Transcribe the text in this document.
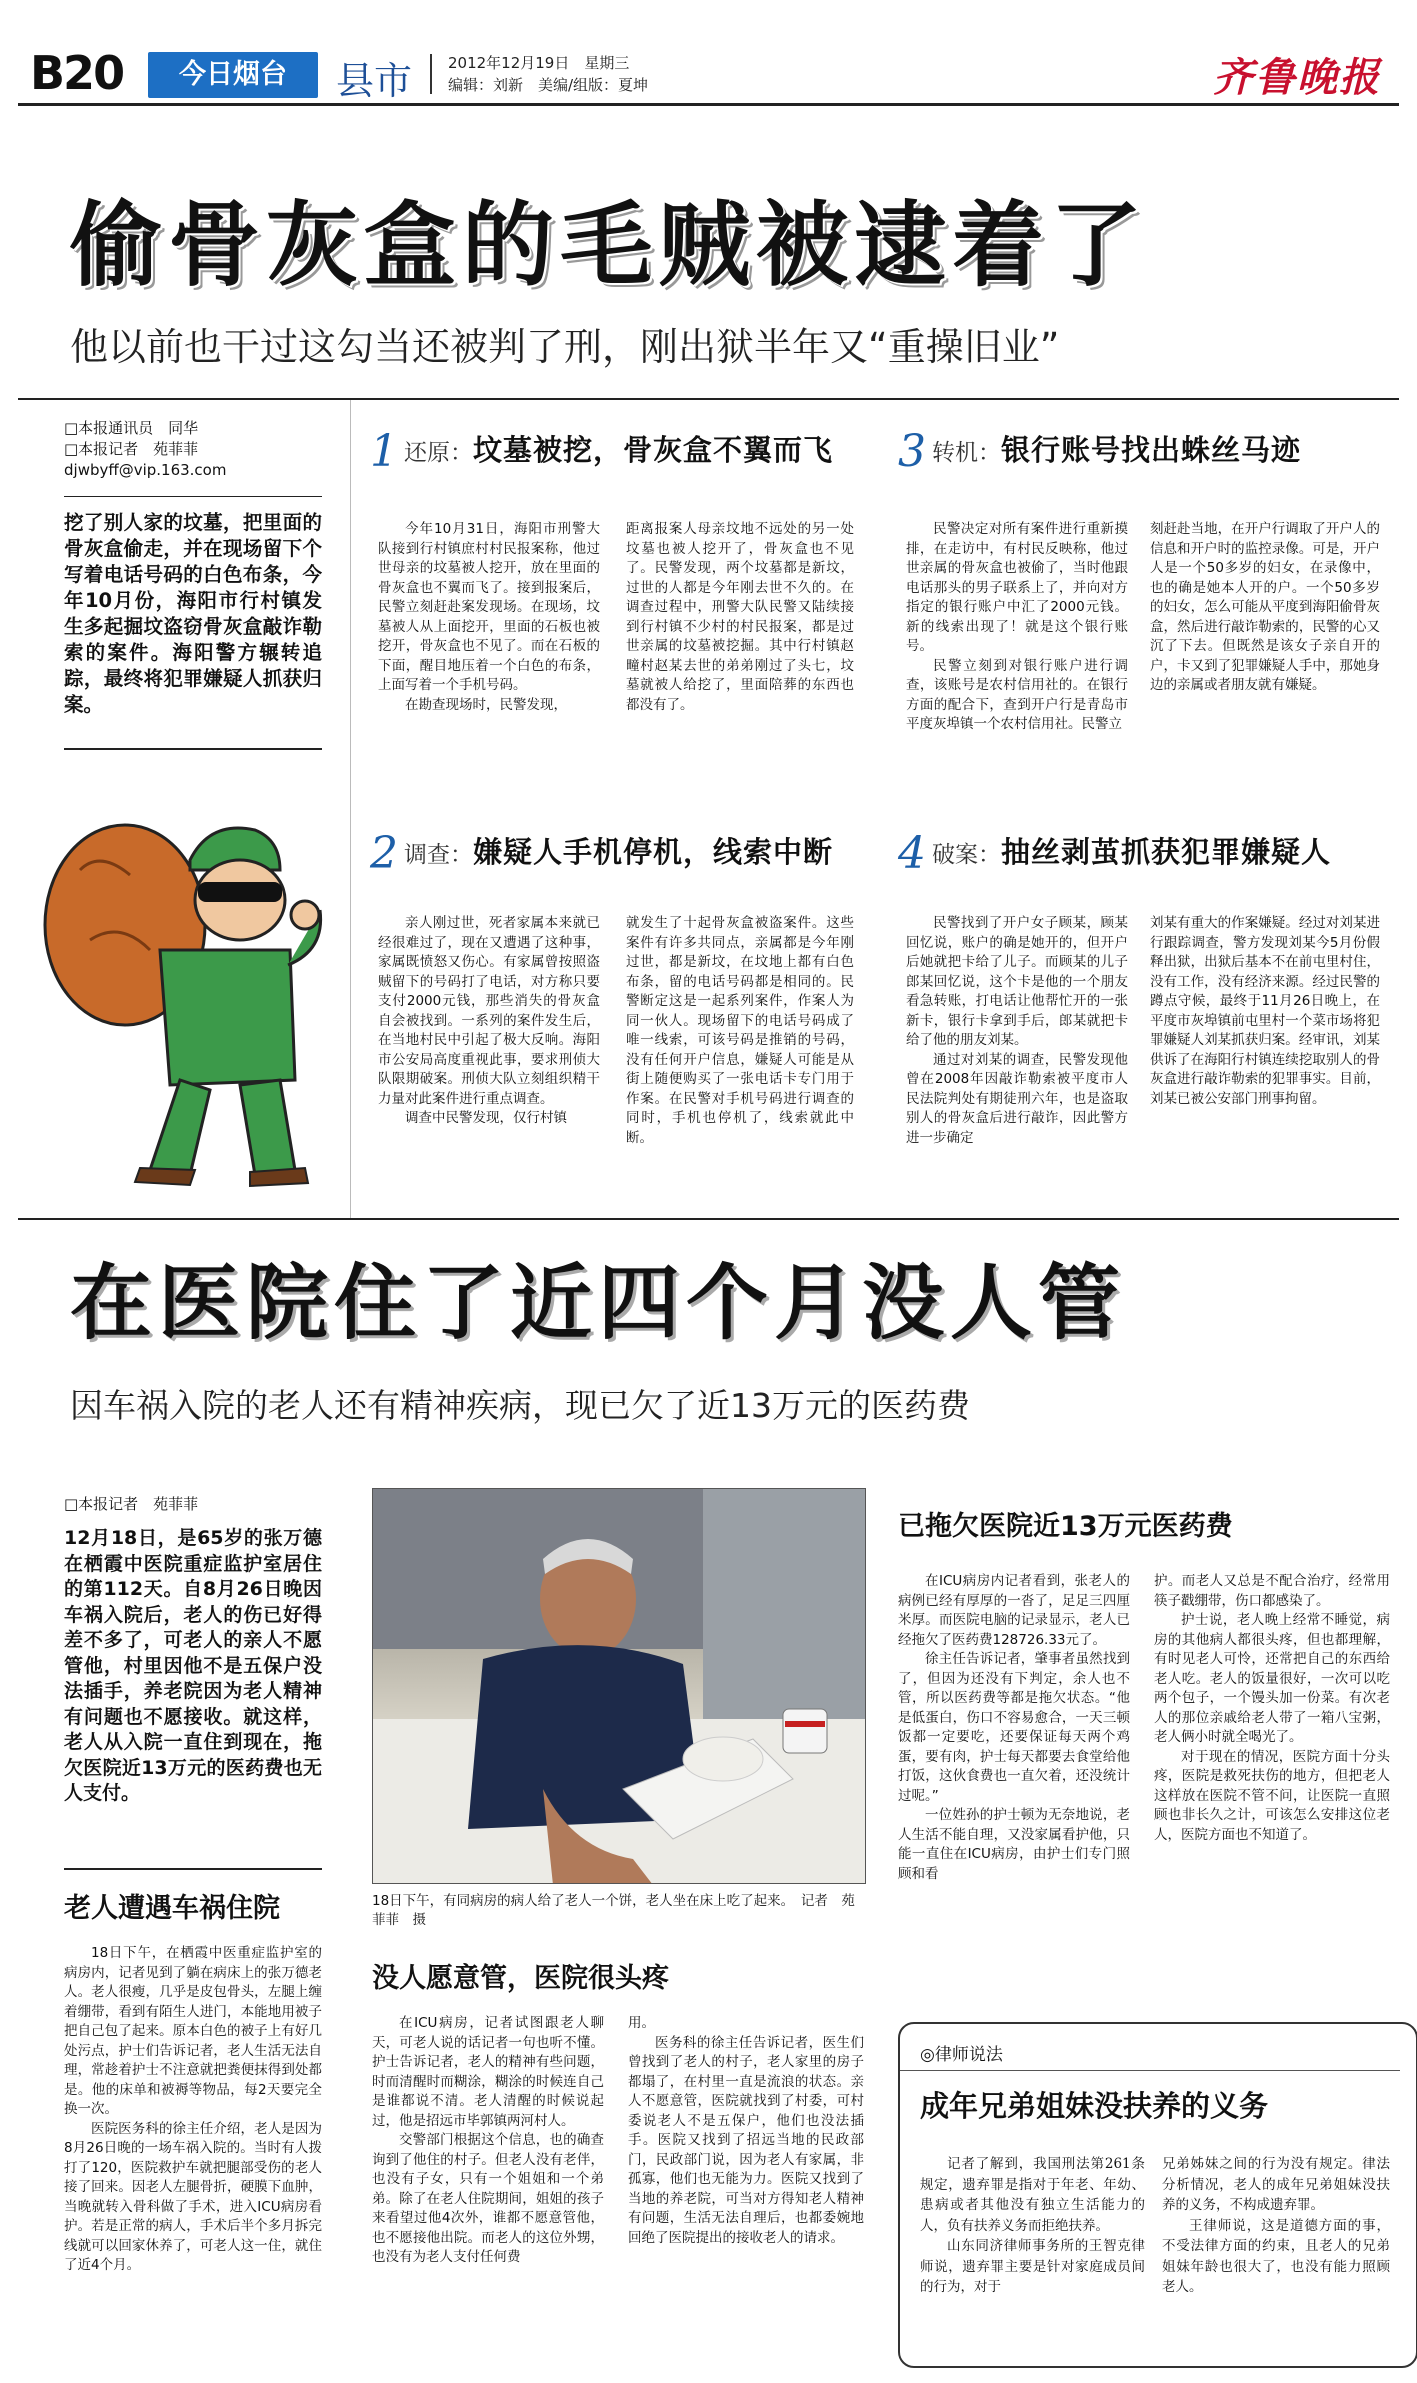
B20	今日烟台	县市 2012年12月19日　星期三
编辑：刘新　美编/组版：夏坤	齐鲁晚报
偷骨灰盒的毛贼被逮着了
他以前也干过这勾当还被判了刑，刚出狱半年又“重操旧业”
□本报通讯员　同华
□本报记者　苑菲菲
djwbyff@vip.163.com
挖了别人家的坟墓，把里面的骨灰盒偷走，并在现场留下个写着电话号码的白色布条，今年10月份，海阳市行村镇发生多起掘坟盗窃骨灰盒敲诈勒索的案件。海阳警方辗转追踪，最终将犯罪嫌疑人抓获归案。
1 还原：坟墓被挖，骨灰盒不翼而飞

今年10月31日，海阳市刑警大队接到行村镇庶村村民报案称，他过世母亲的坟墓被人挖开，放在里面的骨灰盒也不翼而飞了。接到报案后，民警立刻赶赴案发现场。在现场，坟墓被人从上面挖开，里面的石板也被挖开，骨灰盒也不见了。而在石板的下面，醒目地压着一个白色的布条，上面写着一个手机号码。

在勘查现场时，民警发现，

距离报案人母亲坟地不远处的另一处坟墓也被人挖开了，骨灰盒也不见了。民警发现，两个坟墓都是新坟，过世的人都是今年刚去世不久的。在调查过程中，刑警大队民警又陆续接到行村镇不少村的村民报案，都是过世亲属的坟墓被挖掘。其中行村镇赵疃村赵某去世的弟弟刚过了头七，坟墓就被人给挖了，里面陪葬的东西也都没有了。

3 转机：银行账号找出蛛丝马迹

民警决定对所有案件进行重新摸排，在走访中，有村民反映称，他过世亲属的骨灰盒也被偷了，当时他跟电话那头的男子联系上了，并向对方指定的银行账户中汇了2000元钱。新的线索出现了！就是这个银行账号。

民警立刻到对银行账户进行调查，该账号是农村信用社的。在银行方面的配合下，查到开户行是青岛市平度灰埠镇一个农村信用社。民警立

刻赶赴当地，在开户行调取了开户人的信息和开户时的监控录像。可是，开户人是一个50多岁的妇女，在录像中，也的确是她本人开的户。一个50多岁的妇女，怎么可能从平度到海阳偷骨灰盒，然后进行敲诈勒索的，民警的心又沉了下去。但既然是该女子亲自开的户，卡又到了犯罪嫌疑人手中，那她身边的亲属或者朋友就有嫌疑。

2 调查：嫌疑人手机停机，线索中断

亲人刚过世，死者家属本来就已经很难过了，现在又遭遇了这种事，家属既愤怒又伤心。有家属曾按照盗贼留下的号码打了电话，对方称只要支付2000元钱，那些消失的骨灰盒自会被找到。一系列的案件发生后，在当地村民中引起了极大反响。海阳市公安局高度重视此事，要求刑侦大队限期破案。刑侦大队立刻组织精干力量对此案件进行重点调查。

调查中民警发现，仅行村镇

就发生了十起骨灰盒被盗案件。这些案件有许多共同点，亲属都是今年刚过世，都是新坟，在坟地上都有白色布条，留的电话号码都是相同的。民警断定这是一起系列案件，作案人为同一伙人。现场留下的电话号码成了唯一线索，可该号码是推销的号码，没有任何开户信息，嫌疑人可能是从街上随便购买了一张电话卡专门用于作案。在民警对手机号码进行调查的同时，手机也停机了，线索就此中断。

4 破案：抽丝剥茧抓获犯罪嫌疑人

民警找到了开户女子顾某，顾某回忆说，账户的确是她开的，但开户后她就把卡给了儿子。而顾某的儿子郎某回忆说，这个卡是他的一个朋友看急转账，打电话让他帮忙开的一张新卡，银行卡拿到手后，郎某就把卡给了他的朋友刘某。

通过对刘某的调查，民警发现他曾在2008年因敲诈勒索被平度市人民法院判处有期徒刑六年，也是盗取别人的骨灰盒后进行敲诈，因此警方进一步确定

刘某有重大的作案嫌疑。经过对刘某进行跟踪调查，警方发现刘某今5月份假释出狱，出狱后基本不在前屯里村住，没有工作，没有经济来源。经过民警的蹲点守候，最终于11月26日晚上，在平度市灰埠镇前屯里村一个菜市场将犯罪嫌疑人刘某抓获归案。经审讯，刘某供诉了在海阳行村镇连续挖取别人的骨灰盒进行敲诈勒索的犯罪事实。目前，刘某已被公安部门刑事拘留。

在医院住了近四个月没人管
因车祸入院的老人还有精神疾病，现已欠了近13万元的医药费
□本报记者　苑菲菲
12月18日，是65岁的张万德在栖霞中医院重症监护室居住的第112天。自8月26日晚因车祸入院后，老人的伤已好得差不多了，可老人的亲人不愿管他，村里因他不是五保户没法插手，养老院因为老人精神有问题也不愿接收。就这样，老人从入院一直住到现在，拖欠医院近13万元的医药费也无人支付。
老人遭遇车祸住院

18日下午，在栖霞中医重症监护室的病房内，记者见到了躺在病床上的张万德老人。老人很瘦，几乎是皮包骨头，左腿上缠着绷带，看到有陌生人进门，本能地用被子把自己包了起来。原本白色的被子上有好几处污点，护士们告诉记者，老人生活无法自理，常趁着护士不注意就把粪便抹得到处都是。他的床单和被褥等物品，每2天要完全换一次。

医院医务科的徐主任介绍，老人是因为8月26日晚的一场车祸入院的。当时有人拨打了120，医院救护车就把腿部受伤的老人接了回来。因老人左腿骨折，硬膜下血肿，当晚就转入骨科做了手术，进入ICU病房看护。若是正常的病人，手术后半个多月拆完线就可以回家休养了，可老人这一住，就住了近4个月。

18日下午，有同病房的病人给了老人一个饼，老人坐在床上吃了起来。　记者　苑菲菲　摄
没人愿意管，医院很头疼

在ICU病房，记者试图跟老人聊天，可老人说的话记者一句也听不懂。护士告诉记者，老人的精神有些问题，时而清醒时而糊涂，糊涂的时候连自己是谁都说不清。老人清醒的时候说起过，他是招远市毕郭镇两河村人。

交警部门根据这个信息，也的确查询到了他住的村子。但老人没有老伴，也没有子女，只有一个姐姐和一个弟弟。除了在老人住院期间，姐姐的孩子来看望过他4次外，谁都不愿意管他，也不愿接他出院。而老人的这位外甥，也没有为老人支付任何费

用。

医务科的徐主任告诉记者，医生们曾找到了老人的村子，老人家里的房子都塌了，在村里一直是流浪的状态。亲人不愿意管，医院就找到了村委，可村委说老人不是五保户，他们也没法插手。医院又找到了招远当地的民政部门，民政部门说，因为老人有家属，非孤寡，他们也无能为力。医院又找到了当地的养老院，可当对方得知老人精神有问题，生活无法自理后，也都委婉地回绝了医院提出的接收老人的请求。

已拖欠医院近13万元医药费

在ICU病房内记者看到，张老人的病例已经有厚厚的一沓了，足足三四厘米厚。而医院电脑的记录显示，老人已经拖欠了医药费128726.33元了。

徐主任告诉记者，肇事者虽然找到了，但因为还没有下判定，余人也不管，所以医药费等都是拖欠状态。“他是低蛋白，伤口不容易愈合，一天三顿饭都一定要吃，还要保证每天两个鸡蛋，要有肉，护士每天都要去食堂给他打饭，这伙食费也一直欠着，还没统计过呢。”

一位姓孙的护士顿为无奈地说，老人生活不能自理，又没家属看护他，只能一直住在ICU病房，由护士们专门照顾和看

护。而老人又总是不配合治疗，经常用筷子戳绷带，伤口都感染了。

护士说，老人晚上经常不睡觉，病房的其他病人都很头疼，但也都理解，有时见老人可怜，还常把自己的东西给老人吃。老人的饭量很好，一次可以吃两个包子，一个馒头加一份菜。有次老人的那位亲戚给老人带了一箱八宝粥，老人俩小时就全喝光了。

对于现在的情况，医院方面十分头疼，医院是救死扶伤的地方，但把老人这样放在医院不管不问，让医院一直照顾也非长久之计，可该怎么安排这位老人，医院方面也不知道了。

◎律师说法
成年兄弟姐妹没扶养的义务

记者了解到，我国刑法第261条规定，遗弃罪是指对于年老、年幼、患病或者其他没有独立生活能力的人，负有扶养义务而拒绝扶养。

山东同济律师事务所的王智克律师说，遗弃罪主要是针对家庭成员间的行为，对于

兄弟姊妹之间的行为没有规定。律法分析情况，老人的成年兄弟姐妹没扶养的义务，不构成遗弃罪。

王律师说，这是道德方面的事，不受法律方面的约束，且老人的兄弟姐妹年龄也很大了，也没有能力照顾老人。
